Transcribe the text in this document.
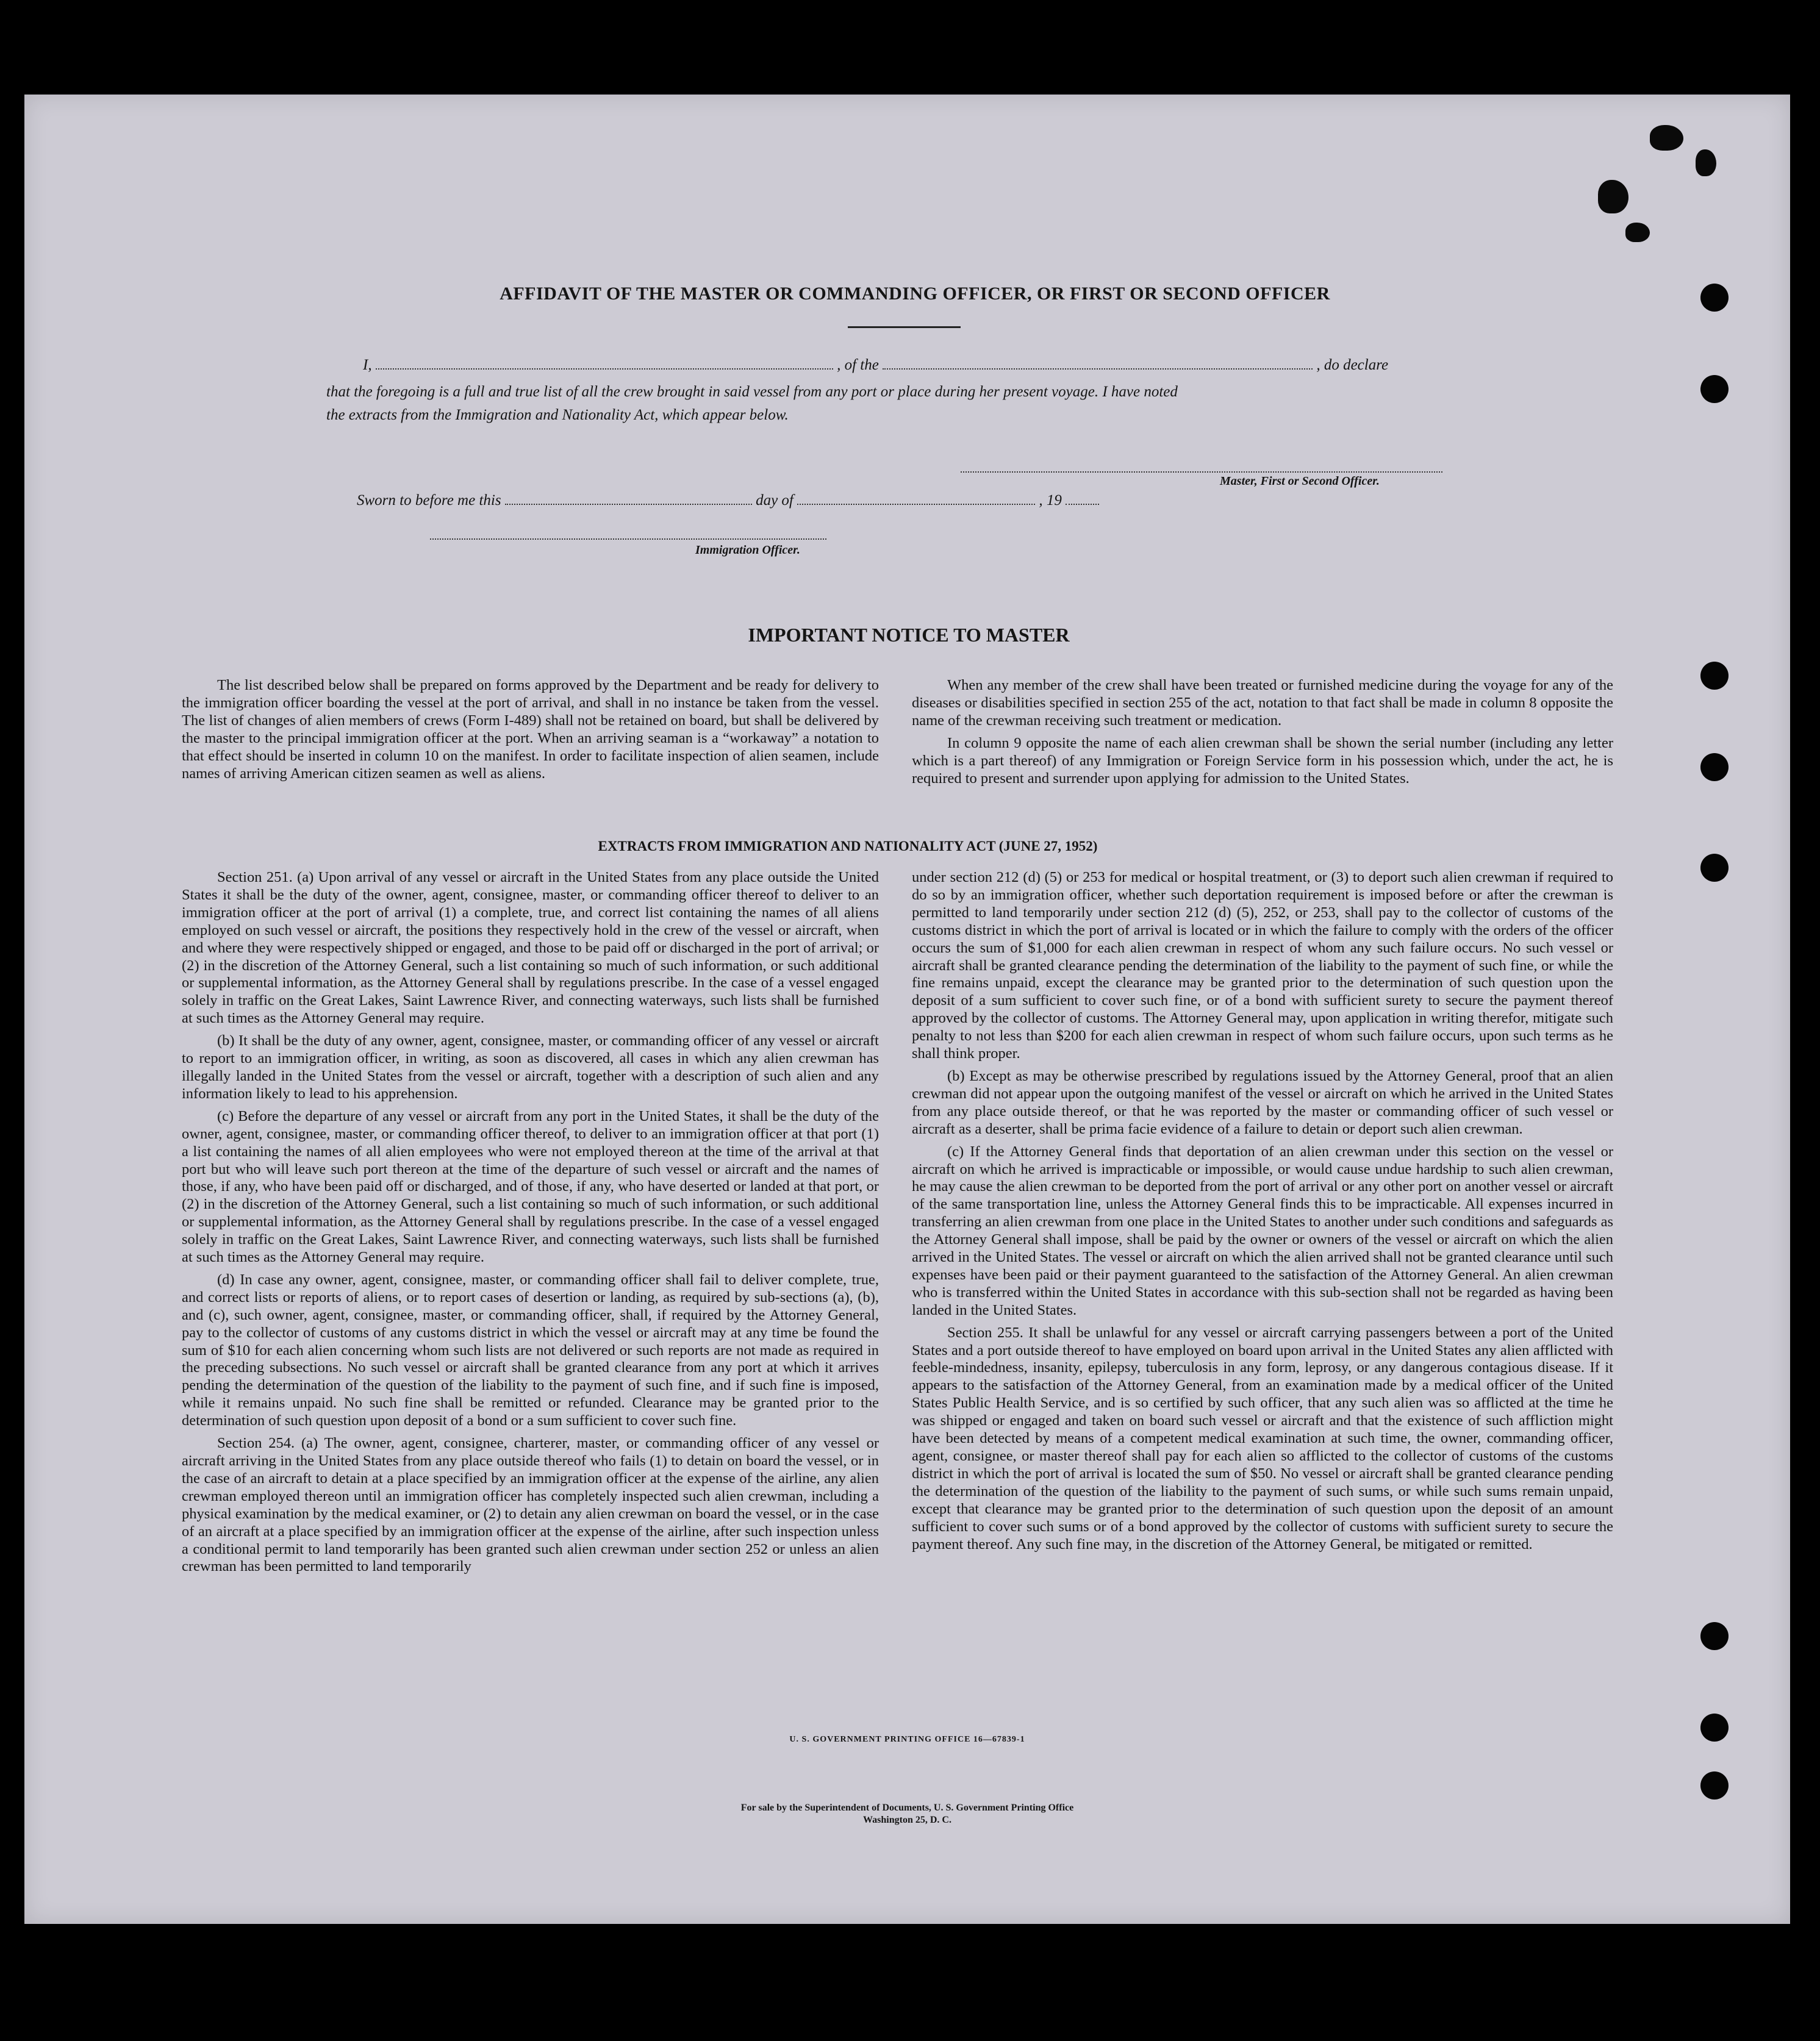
AFFIDAVIT OF THE MASTER OR COMMANDING OFFICER, OR FIRST OR SECOND OFFICER
I,	, of the	, do declare
that the foregoing is a full and true list of all the crew brought in said vessel from any port or place during her present voyage. I have noted
the extracts from the Immigration and Nationality Act, which appear below.
Master, First or Second Officer.
Sworn to before me this	day of	, 19
Immigration Officer.
IMPORTANT NOTICE TO MASTER

The list described below shall be prepared on forms approved by the Department and be ready for delivery to the immigration officer boarding the vessel at the port of arrival, and shall in no instance be taken from the vessel. The list of changes of alien members of crews (Form I-489) shall not be retained on board, but shall be delivered by the master to the principal immigration officer at the port. When an arriving seaman is a “workaway” a notation to that effect should be inserted in column 10 on the manifest. In order to facilitate inspection of alien seamen, include names of arriving American citizen seamen as well as aliens.

When any member of the crew shall have been treated or furnished medicine during the voyage for any of the diseases or disabilities specified in section 255 of the act, notation to that fact shall be made in column 8 opposite the name of the crewman receiving such treatment or medication.

In column 9 opposite the name of each alien crewman shall be shown the serial number (including any letter which is a part thereof) of any Immigration or Foreign Service form in his possession which, under the act, he is required to present and surrender upon applying for admission to the United States.

EXTRACTS FROM IMMIGRATION AND NATIONALITY ACT (JUNE 27, 1952)

Section 251. (a) Upon arrival of any vessel or aircraft in the United States from any place outside the United States it shall be the duty of the owner, agent, consignee, master, or commanding officer thereof to deliver to an immigration officer at the port of arrival (1) a complete, true, and correct list containing the names of all aliens employed on such vessel or aircraft, the positions they respectively hold in the crew of the vessel or aircraft, when and where they were respectively shipped or engaged, and those to be paid off or discharged in the port of arrival; or (2) in the discretion of the Attorney General, such a list containing so much of such information, or such additional or supplemental information, as the Attorney General shall by regulations prescribe. In the case of a vessel engaged solely in traffic on the Great Lakes, Saint Lawrence River, and connecting waterways, such lists shall be furnished at such times as the Attorney General may require.

(b) It shall be the duty of any owner, agent, consignee, master, or commanding officer of any vessel or aircraft to report to an immigration officer, in writing, as soon as discovered, all cases in which any alien crewman has illegally landed in the United States from the vessel or aircraft, together with a description of such alien and any information likely to lead to his apprehension.

(c) Before the departure of any vessel or aircraft from any port in the United States, it shall be the duty of the owner, agent, consignee, master, or commanding officer thereof, to deliver to an immigration officer at that port (1) a list containing the names of all alien employees who were not employed thereon at the time of the arrival at that port but who will leave such port thereon at the time of the departure of such vessel or aircraft and the names of those, if any, who have been paid off or discharged, and of those, if any, who have deserted or landed at that port, or (2) in the discretion of the Attorney General, such a list containing so much of such information, or such additional or supplemental information, as the Attorney General shall by regulations prescribe. In the case of a vessel engaged solely in traffic on the Great Lakes, Saint Lawrence River, and connecting waterways, such lists shall be furnished at such times as the Attorney General may require.

(d) In case any owner, agent, consignee, master, or commanding officer shall fail to deliver complete, true, and correct lists or reports of aliens, or to report cases of desertion or landing, as required by sub-sections (a), (b), and (c), such owner, agent, consignee, master, or commanding officer, shall, if required by the Attorney General, pay to the collector of customs of any customs district in which the vessel or aircraft may at any time be found the sum of $10 for each alien concerning whom such lists are not delivered or such reports are not made as required in the preceding subsections. No such vessel or aircraft shall be granted clearance from any port at which it arrives pending the determination of the question of the liability to the payment of such fine, and if such fine is imposed, while it remains unpaid. No such fine shall be remitted or refunded. Clearance may be granted prior to the determination of such question upon deposit of a bond or a sum sufficient to cover such fine.

Section 254. (a) The owner, agent, consignee, charterer, master, or commanding officer of any vessel or aircraft arriving in the United States from any place outside thereof who fails (1) to detain on board the vessel, or in the case of an aircraft to detain at a place specified by an immigration officer at the expense of the airline, any alien crewman employed thereon until an immigration officer has completely inspected such alien crewman, including a physical examination by the medical examiner, or (2) to detain any alien crewman on board the vessel, or in the case of an aircraft at a place specified by an immigration officer at the expense of the airline, after such inspection unless a conditional permit to land temporarily has been granted such alien crewman under section 252 or unless an alien crewman has been permitted to land temporarily

under section 212 (d) (5) or 253 for medical or hospital treatment, or (3) to deport such alien crewman if required to do so by an immigration officer, whether such deportation requirement is imposed before or after the crewman is permitted to land temporarily under section 212 (d) (5), 252, or 253, shall pay to the collector of customs of the customs district in which the port of arrival is located or in which the failure to comply with the orders of the officer occurs the sum of $1,000 for each alien crewman in respect of whom any such failure occurs. No such vessel or aircraft shall be granted clearance pending the determination of the liability to the payment of such fine, or while the fine remains unpaid, except the clearance may be granted prior to the determination of such question upon the deposit of a sum sufficient to cover such fine, or of a bond with sufficient surety to secure the payment thereof approved by the collector of customs. The Attorney General may, upon application in writing therefor, mitigate such penalty to not less than $200 for each alien crewman in respect of whom such failure occurs, upon such terms as he shall think proper.

(b) Except as may be otherwise prescribed by regulations issued by the Attorney General, proof that an alien crewman did not appear upon the outgoing manifest of the vessel or aircraft on which he arrived in the United States from any place outside thereof, or that he was reported by the master or commanding officer of such vessel or aircraft as a deserter, shall be prima facie evidence of a failure to detain or deport such alien crewman.

(c) If the Attorney General finds that deportation of an alien crewman under this section on the vessel or aircraft on which he arrived is impracticable or impossible, or would cause undue hardship to such alien crewman, he may cause the alien crewman to be deported from the port of arrival or any other port on another vessel or aircraft of the same transportation line, unless the Attorney General finds this to be impracticable. All expenses incurred in transferring an alien crewman from one place in the United States to another under such conditions and safeguards as the Attorney General shall impose, shall be paid by the owner or owners of the vessel or aircraft on which the alien arrived in the United States. The vessel or aircraft on which the alien arrived shall not be granted clearance until such expenses have been paid or their payment guaranteed to the satisfaction of the Attorney General. An alien crewman who is transferred within the United States in accordance with this sub-section shall not be regarded as having been landed in the United States.

Section 255. It shall be unlawful for any vessel or aircraft carrying passengers between a port of the United States and a port outside thereof to have employed on board upon arrival in the United States any alien afflicted with feeble-mindedness, insanity, epilepsy, tuberculosis in any form, leprosy, or any dangerous contagious disease. If it appears to the satisfaction of the Attorney General, from an examination made by a medical officer of the United States Public Health Service, and is so certified by such officer, that any such alien was so afflicted at the time he was shipped or engaged and taken on board such vessel or aircraft and that the existence of such affliction might have been detected by means of a competent medical examination at such time, the owner, commanding officer, agent, consignee, or master thereof shall pay for each alien so afflicted to the collector of customs of the customs district in which the port of arrival is located the sum of $50. No vessel or aircraft shall be granted clearance pending the determination of the question of the liability to the payment of such sums, or while such sums remain unpaid, except that clearance may be granted prior to the determination of such question upon the deposit of an amount sufficient to cover such sums or of a bond approved by the collector of customs with sufficient surety to secure the payment thereof. Any such fine may, in the discretion of the Attorney General, be mitigated or remitted.

U. S. GOVERNMENT PRINTING OFFICE 16—67839-1
For sale by the Superintendent of Documents, U. S. Government Printing Office
Washington 25, D. C.
